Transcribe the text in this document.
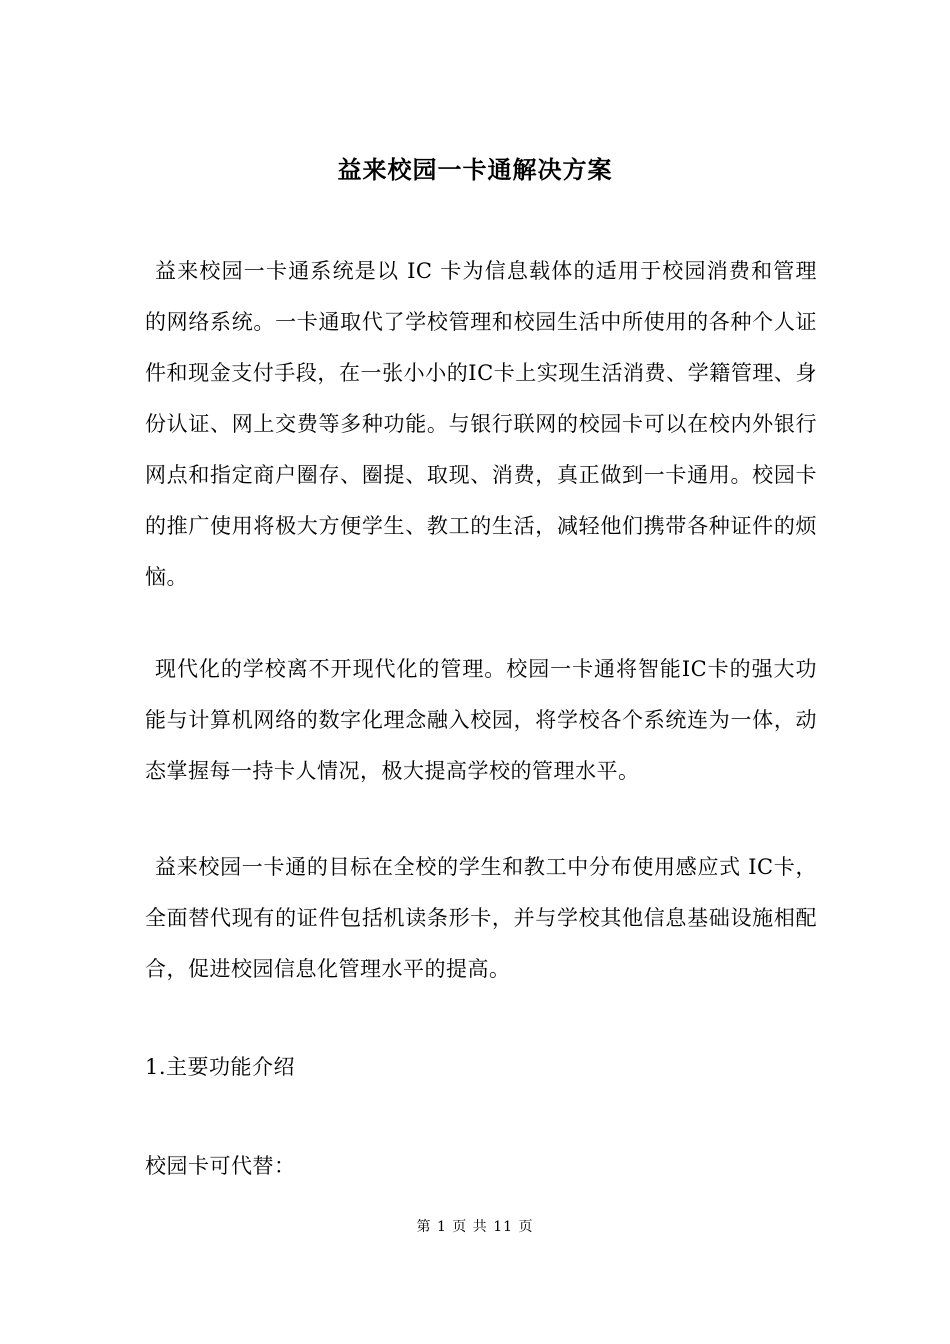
益来校园一卡通解决方案

益来校园一卡通系统是以 IC 卡为信息载体的适用于校园消费和管理的网络系统。一卡通取代了学校管理和校园生活中所使用的各种个人证件和现金支付手段，在一张小小的IC卡上实现生活消费、学籍管理、身份认证、网上交费等多种功能。与银行联网的校园卡可以在校内外银行网点和指定商户圈存、圈提、取现、消费，真正做到一卡通用。校园卡的推广使用将极大方便学生、教工的生活，减轻他们携带各种证件的烦恼。

现代化的学校离不开现代化的管理。校园一卡通将智能IC卡的强大功能与计算机网络的数字化理念融入校园，将学校各个系统连为一体，动态掌握每一持卡人情况，极大提高学校的管理水平。

益来校园一卡通的目标在全校的学生和教工中分布使用感应式 IC卡，全面替代现有的证件包括机读条形卡，并与学校其他信息基础设施相配合，促进校园信息化管理水平的提高。

1.主要功能介绍

校园卡可代替：

第 1 页 共 11 页
